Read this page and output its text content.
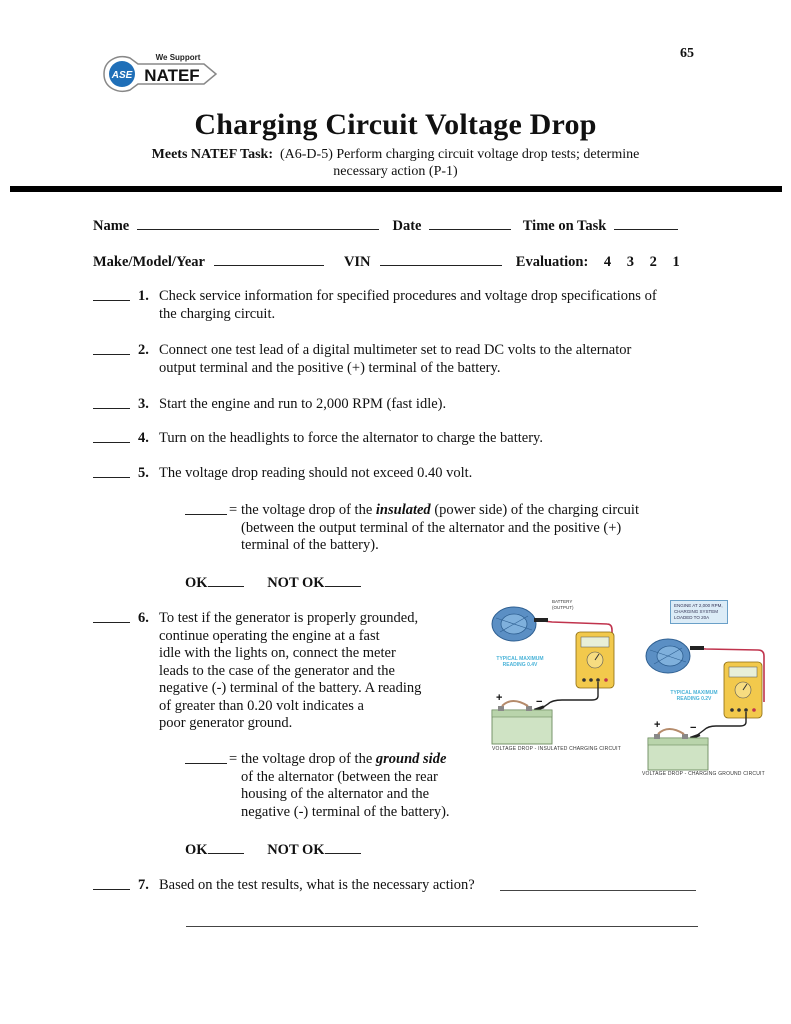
ASE
We Support
NATEF
65
Charging Circuit Voltage Drop
Meets NATEF Task: (A6-D-5) Perform charging circuit voltage drop tests; determine
necessary action (P-1)
Name	Date	Time on Task
Make/Model/Year	VIN	Evaluation: 4 3 2 1
1. Check service information for specified procedures and voltage drop specifications of
the charging circuit.
2. Connect one test lead of a digital multimeter set to read DC volts to the alternator
output terminal and the positive (+) terminal of the battery.
3. Start the engine and run to 2,000 RPM (fast idle).
4. Turn on the headlights to force the alternator to charge the battery.
5. The voltage drop reading should not exceed 0.40 volt.
= the voltage drop of the insulated (power side) of the charging circuit
(between the output terminal of the alternator and the positive (+)
terminal of the battery).
OK	NOT OK
6. To test if the generator is properly grounded,
continue operating the engine at a fast
idle with the lights on, connect the meter
leads to the case of the generator and the
negative (-) terminal of the battery. A reading
of greater than 0.20 volt indicates a
poor generator ground.
= the voltage drop of the ground side
of the alternator (between the rear
housing of the alternator and the
negative (-) terminal of the battery).
OK	NOT OK
7. Based on the test results, what is the necessary action?
BATTERY
(OUTPUT)
TYPICAL MAXIMUM
READING 0.4V
+	−
VOLTAGE DROP - INSULATED CHARGING CIRCUIT
ENGINE AT 2,000 RPM,
CHARGING SYSTEM
LOADED TO 20A
TYPICAL MAXIMUM
READING 0.2V
+	−
VOLTAGE DROP - CHARGING GROUND CIRCUIT
